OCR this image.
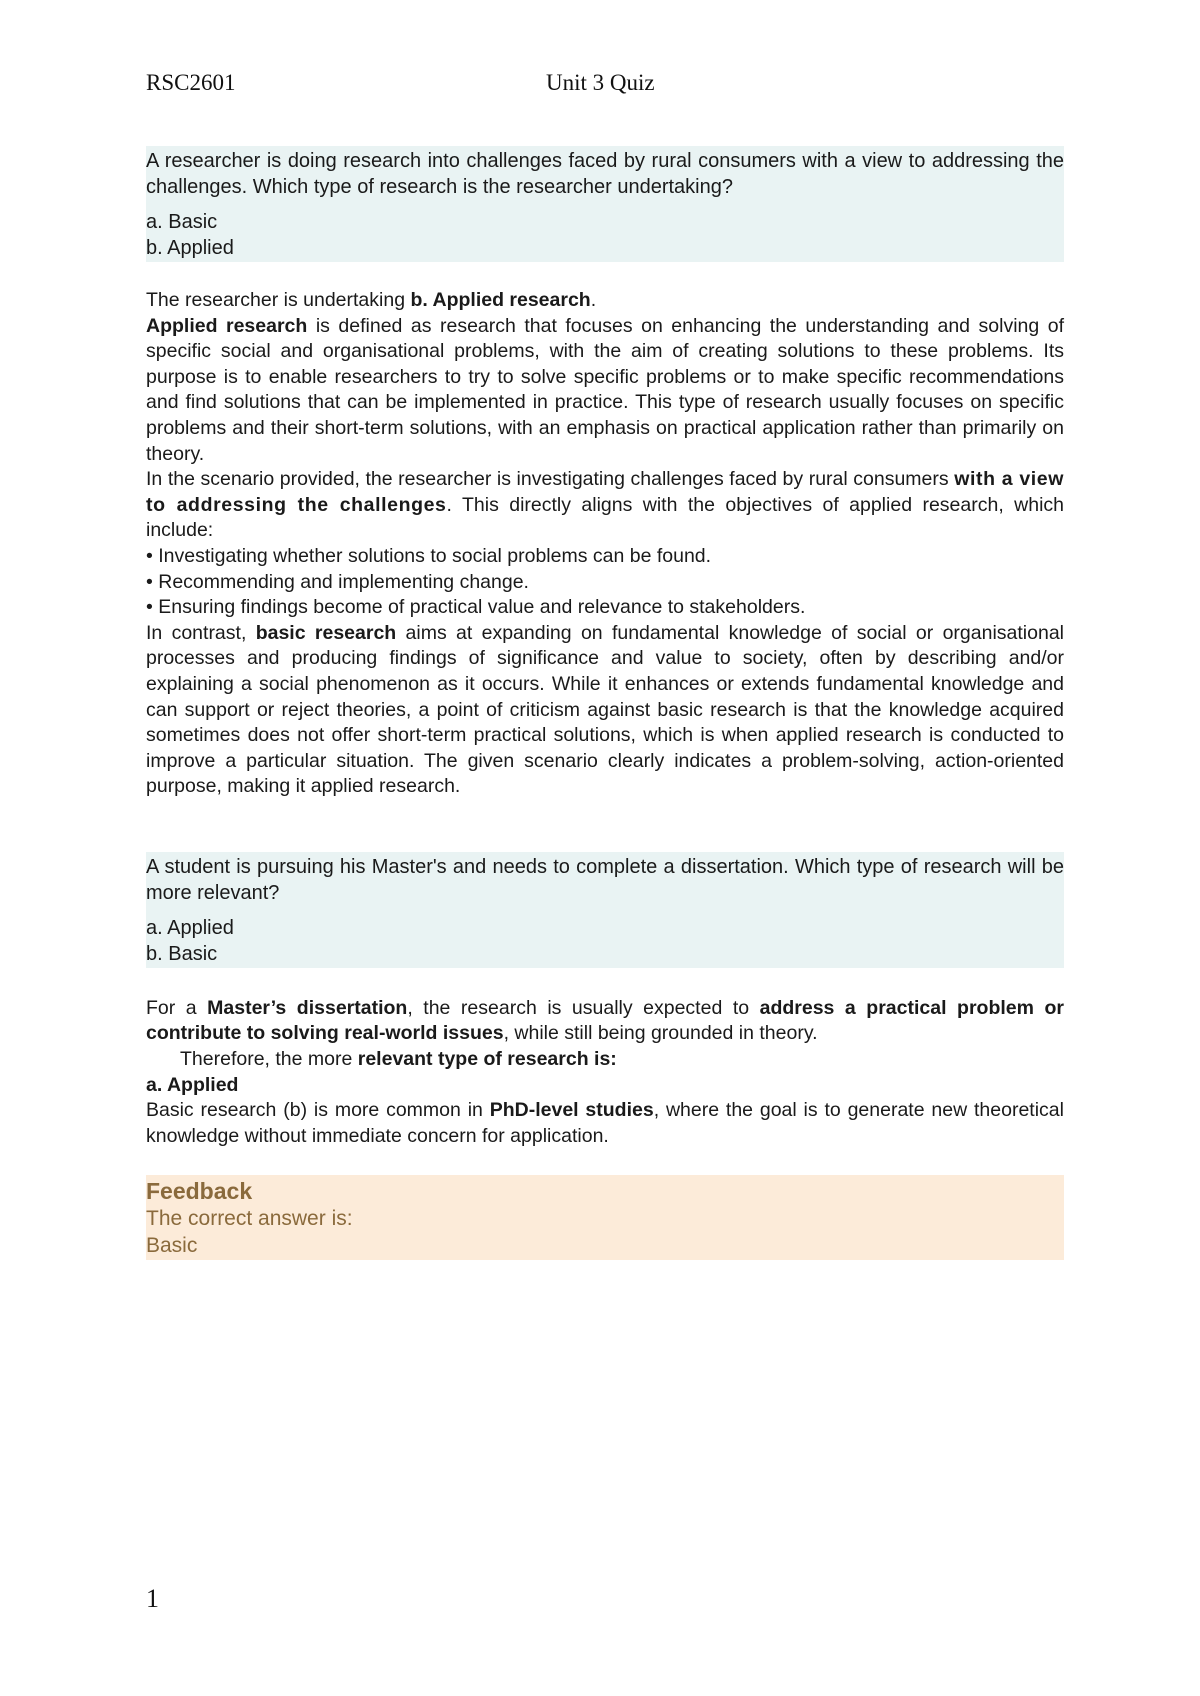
RSC2601	Unit 3 Quiz

A researcher is doing research into challenges faced by rural consumers with a view to addressing the challenges. Which type of research is the researcher undertaking?

a. Basic
b. Applied

The researcher is undertaking b. Applied research.

Applied research is defined as research that focuses on enhancing the understanding and solving of specific social and organisational problems, with the aim of creating solutions to these problems. Its purpose is to enable researchers to try to solve specific problems or to make specific recommendations and find solutions that can be implemented in practice. This type of research usually focuses on specific problems and their short-term solutions, with an emphasis on practical application rather than primarily on theory.

In the scenario provided, the researcher is investigating challenges faced by rural consumers with a view to addressing the challenges. This directly aligns with the objectives of applied research, which include:

• Investigating whether solutions to social problems can be found.

• Recommending and implementing change.

• Ensuring findings become of practical value and relevance to stakeholders.

In contrast, basic research aims at expanding on fundamental knowledge of social or organisational processes and producing findings of significance and value to society, often by describing and/or explaining a social phenomenon as it occurs. While it enhances or extends fundamental knowledge and can support or reject theories, a point of criticism against basic research is that the knowledge acquired sometimes does not offer short-term practical solutions, which is when applied research is conducted to improve a particular situation. The given scenario clearly indicates a problem-solving, action-oriented purpose, making it applied research.

A student is pursuing his Master's and needs to complete a dissertation. Which type of research will be more relevant?

a. Applied
b. Basic

For a Master’s dissertation, the research is usually expected to address a practical problem or contribute to solving real-world issues, while still being grounded in theory.

Therefore, the more relevant type of research is:

a. Applied

Basic research (b) is more common in PhD-level studies, where the goal is to generate new theoretical knowledge without immediate concern for application.

Feedback
The correct answer is:
Basic
1
